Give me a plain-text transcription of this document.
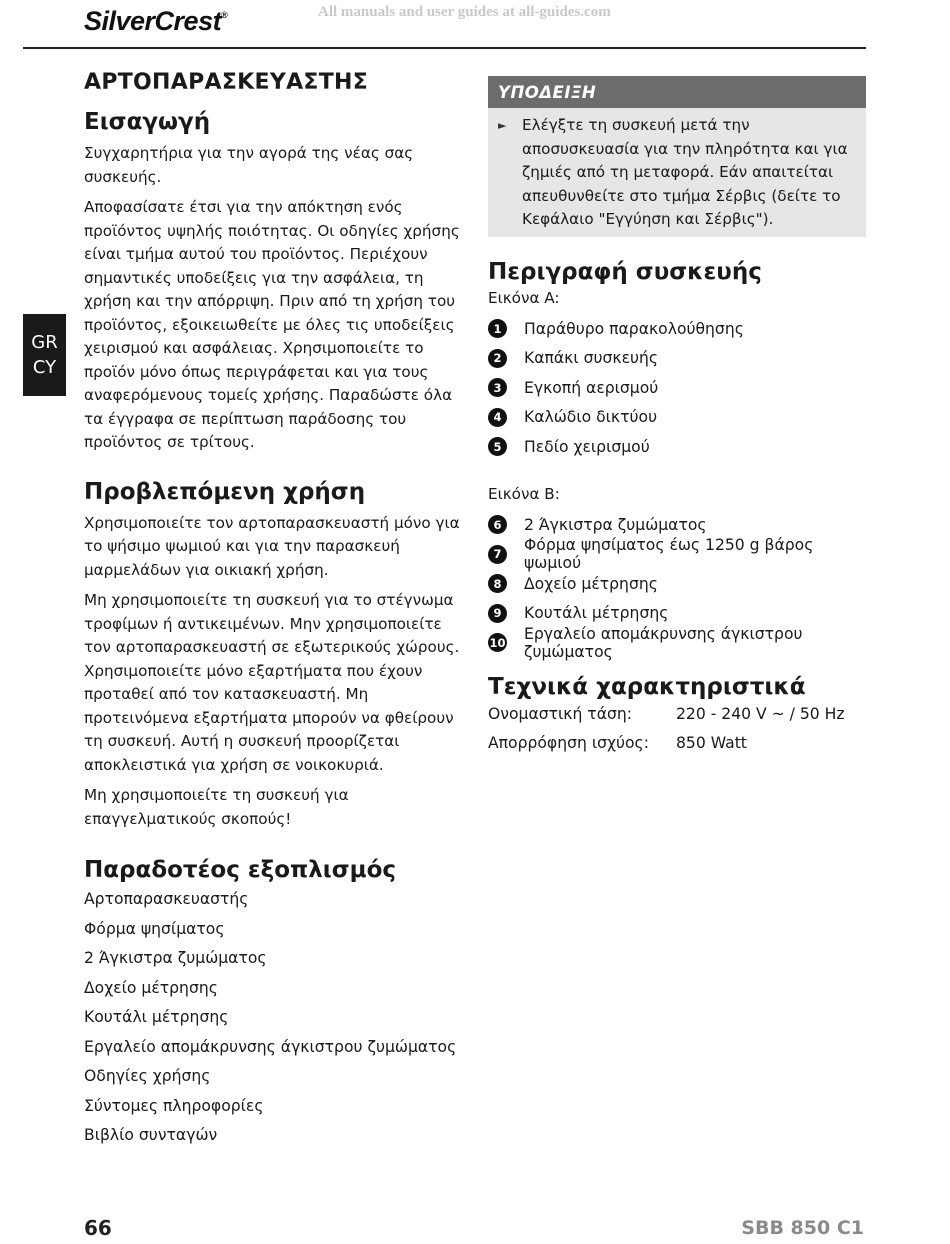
SilverCrest®	All manuals and user guides at all-guides.com
GR
CY
ΑΡΤΟΠΑΡΑΣΚΕΥΑΣΤΗΣ
Εισαγωγή

Συγχαρητήρια για την αγορά της νέας σας συσκευής.

Αποφασίσατε έτσι για την απόκτηση ενός προϊόντος υψηλής ποιότητας. Οι οδηγίες χρήσης είναι τμήμα αυτού του προϊόντος. Περιέχουν σημαντικές υποδείξεις για την ασφάλεια, τη χρήση και την απόρριψη. Πριν από τη χρήση του προϊόντος, εξοικειωθείτε με όλες τις υποδείξεις χειρισμού και ασφάλειας. Χρησιμοποιείτε το προϊόν μόνο όπως περιγράφεται και για τους αναφερόμενους τομείς χρήσης. Παραδώστε όλα τα έγγραφα σε περίπτωση παράδοσης του προϊόντος σε τρίτους.

Προβλεπόμενη χρήση

Χρησιμοποιείτε τον αρτοπαρασκευαστή μόνο για το ψήσιμο ψωμιού και για την παρασκευή μαρμελάδων για οικιακή χρήση.

Μη χρησιμοποιείτε τη συσκευή για το στέγνωμα τροφίμων ή αντικειμένων. Μην χρησιμοποιείτε τον αρτοπαρασκευαστή σε εξωτερικούς χώρους. Χρησιμοποιείτε μόνο εξαρτήματα που έχουν προταθεί από τον κατασκευαστή. Μη προτεινόμενα εξαρτήματα μπορούν να φθείρουν τη συσκευή. Αυτή η συσκευή προορίζεται αποκλειστικά για χρήση σε νοικοκυριά.

Μη χρησιμοποιείτε τη συσκευή για επαγγελματικούς σκοπούς!

Παραδοτέος εξοπλισμός
Αρτοπαρασκευαστής
Φόρμα ψησίματος
2 Άγκιστρα ζυμώματος
Δοχείο μέτρησης
Κουτάλι μέτρησης
Εργαλείο απομάκρυνσης άγκιστρου ζυμώματος
Οδηγίες χρήσης
Σύντομες πληροφορίες
Βιβλίο συνταγών
ΥΠΟΔΕΙΞΗ
►	Ελέγξτε τη συσκευή μετά την αποσυσκευασία για την πληρότητα και για ζημιές από τη μεταφορά. Εάν απαιτείται απευθυνθείτε στο τμήμα Σέρβις (δείτε το Κεφάλαιο "Εγγύηση και Σέρβις").
Περιγραφή συσκευής

Εικόνα A:

1	Παράθυρο παρακολούθησης
2	Καπάκι συσκευής
3	Εγκοπή αερισμού
4	Καλώδιο δικτύου
5	Πεδίο χειρισμού

Εικόνα B:

6	2 Άγκιστρα ζυμώματος
7	Φόρμα ψησίματος έως 1250 g βάρος ψωμιού
8	Δοχείο μέτρησης
9	Κουτάλι μέτρησης
10 Εργαλείο απομάκρυνσης άγκιστρου ζυμώματος
Τεχνικά χαρακτηριστικά
Ονομαστική τάση:	220 - 240 V ~ / 50 Hz
Απορρόφηση ισχύος:	850 Watt
66	SBB 850 C1
